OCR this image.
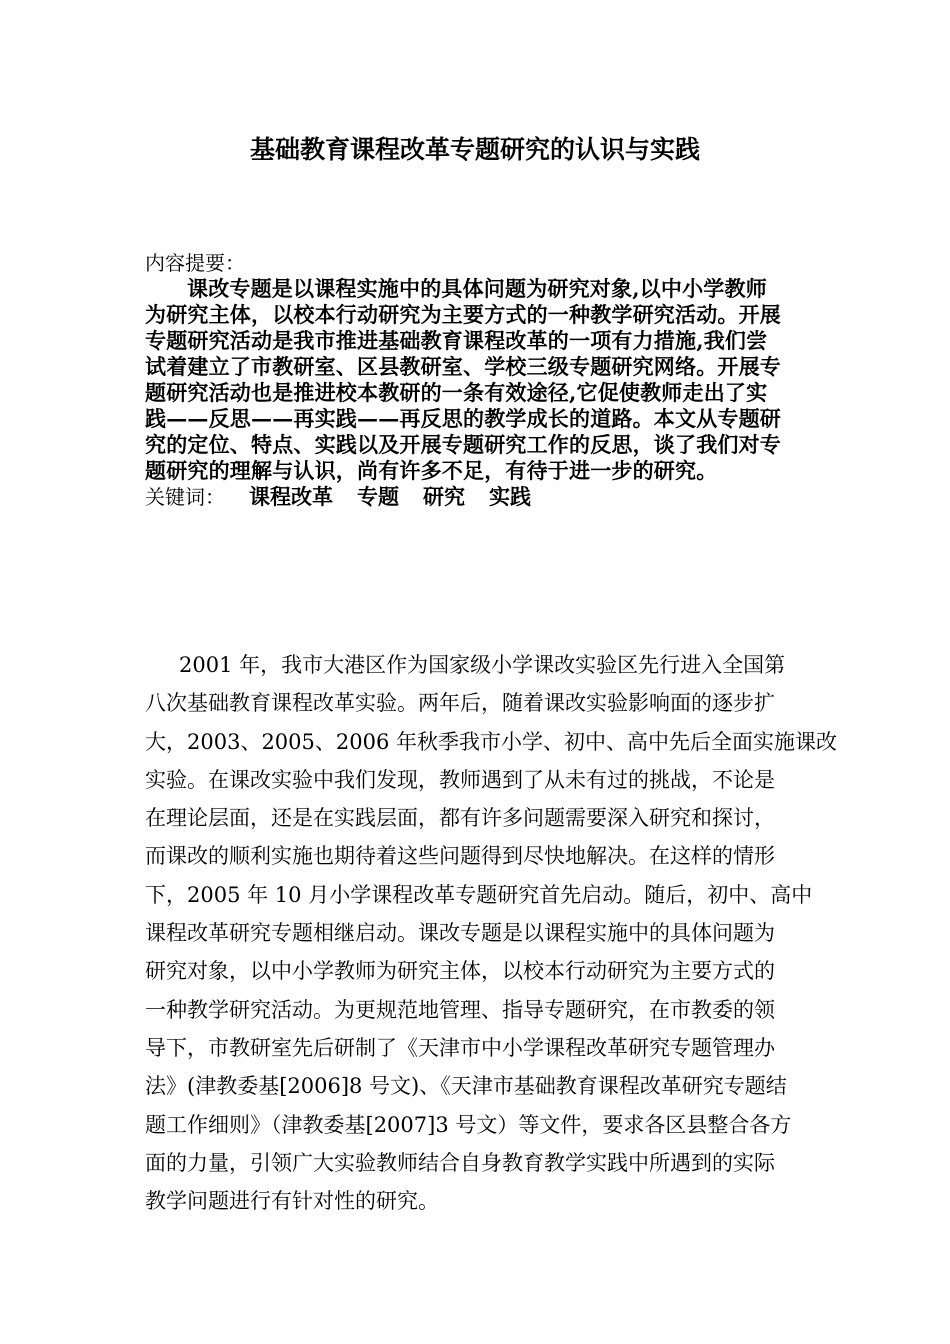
基础教育课程改革专题研究的认识与实践
内容提要：
课改专题是以课程实施中的具体问题为研究对象,以中小学教师
为研究主体，以校本行动研究为主要方式的一种教学研究活动。开展
专题研究活动是我市推进基础教育课程改革的一项有力措施,我们尝
试着建立了市教研室、区县教研室、学校三级专题研究网络。开展专
题研究活动也是推进校本教研的一条有效途径,它促使教师走出了实
践——反思——再实践——再反思的教学成长的道路。本文从专题研
究的定位、特点、实践以及开展专题研究工作的反思，谈了我们对专
题研究的理解与认识，尚有许多不足，有待于进一步的研究。
关键词： 课程改革 专题 研究 实践
2001 年，我市大港区作为国家级小学课改实验区先行进入全国第
八次基础教育课程改革实验。两年后，随着课改实验影响面的逐步扩
大，2003、2005、2006 年秋季我市小学、初中、高中先后全面实施课改
实验。在课改实验中我们发现，教师遇到了从未有过的挑战，不论是
在理论层面，还是在实践层面，都有许多问题需要深入研究和探讨，
而课改的顺利实施也期待着这些问题得到尽快地解决。在这样的情形
下，2005 年 10 月小学课程改革专题研究首先启动。随后，初中、高中
课程改革研究专题相继启动。课改专题是以课程实施中的具体问题为
研究对象，以中小学教师为研究主体，以校本行动研究为主要方式的
一种教学研究活动。为更规范地管理、指导专题研究，在市教委的领
导下，市教研室先后研制了《天津市中小学课程改革研究专题管理办
法》(津教委基[2006]8 号文)、《天津市基础教育课程改革研究专题结
题工作细则》（津教委基[2007]3 号文）等文件，要求各区县整合各方
面的力量，引领广大实验教师结合自身教育教学实践中所遇到的实际
教学问题进行有针对性的研究。
